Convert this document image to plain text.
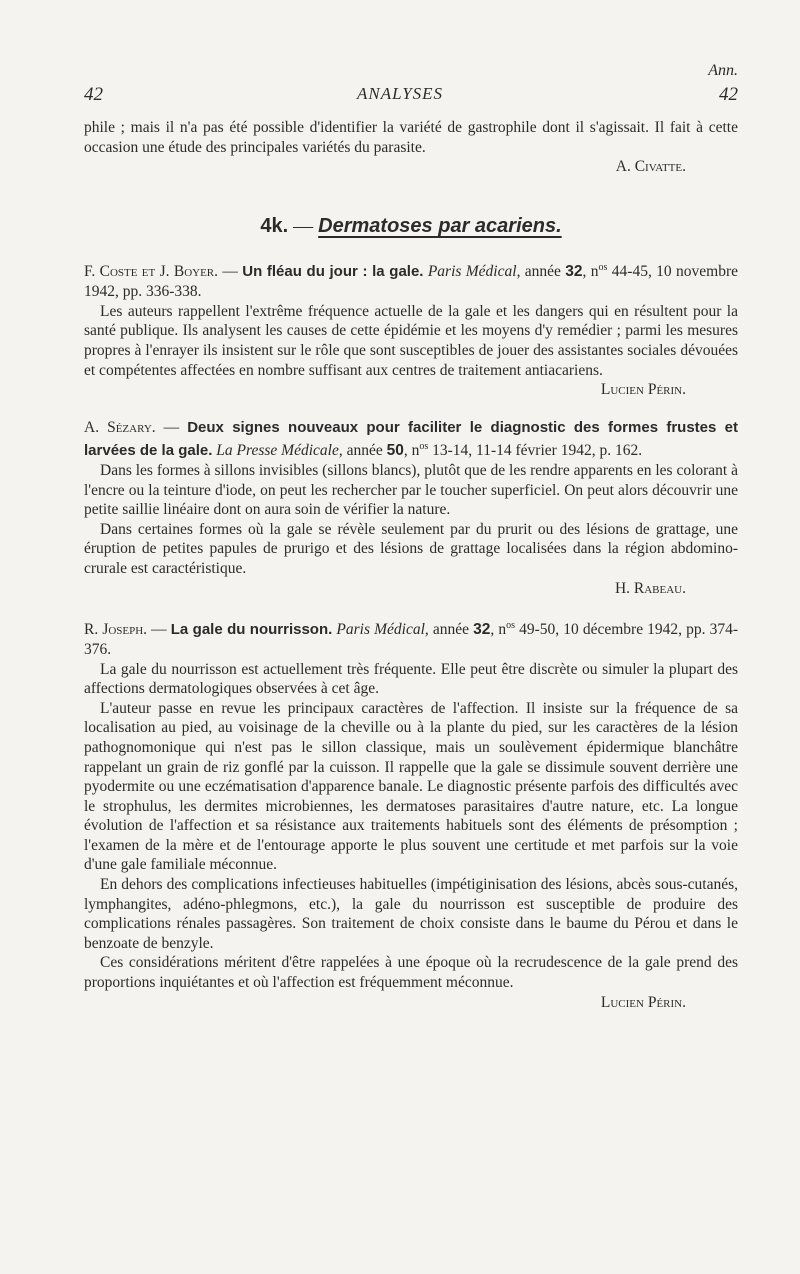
Ann.
42	ANALYSES	42

phile ; mais il n'a pas été possible d'identifier la variété de gastrophile dont il s'agissait. Il fait à cette occasion une étude des principales variétés du parasite.

A. Civatte.

4k. — Dermatoses par acariens.

F. Coste et J. Boyer. — Un fléau du jour : la gale. Paris Médical, année 32, $n^{os}$ 44-45, 10 novembre 1942, pp. 336-338.

Les auteurs rappellent l'extrême fréquence actuelle de la gale et les dangers qui en résultent pour la santé publique. Ils analysent les causes de cette épidémie et les moyens d'y remédier ; parmi les mesures propres à l'enrayer ils insistent sur le rôle que sont susceptibles de jouer des assistantes sociales dévouées et compétentes affectées en nombre suffisant aux centres de traitement antiacariens.

Lucien Périn.

A. Sézary. — Deux signes nouveaux pour faciliter le diagnostic des formes frustes et larvées de la gale. La Presse Médicale, année 50, $n^{os}$ 13-14, 11-14 février 1942, p. 162.

Dans les formes à sillons invisibles (sillons blancs), plutôt que de les rendre apparents en les colorant à l'encre ou la teinture d'iode, on peut les rechercher par le toucher superficiel. On peut alors découvrir une petite saillie linéaire dont on aura soin de vérifier la nature.

Dans certaines formes où la gale se révèle seulement par du prurit ou des lésions de grattage, une éruption de petites papules de prurigo et des lésions de grattage localisées dans la région abdomino-crurale est caractéristique.

H. Rabeau.

R. Joseph. — La gale du nourrisson. Paris Médical, année 32, $n^{os}$ 49-50, 10 décembre 1942, pp. 374-376.

La gale du nourrisson est actuellement très fréquente. Elle peut être discrète ou simuler la plupart des affections dermatologiques observées à cet âge.

L'auteur passe en revue les principaux caractères de l'affection. Il insiste sur la fréquence de sa localisation au pied, au voisinage de la cheville ou à la plante du pied, sur les caractères de la lésion pathognomonique qui n'est pas le sillon classique, mais un soulèvement épidermique blanchâtre rappelant un grain de riz gonflé par la cuisson. Il rappelle que la gale se dissimule souvent derrière une pyodermite ou une eczématisation d'apparence banale. Le diagnostic présente parfois des difficultés avec le strophulus, les dermites microbiennes, les dermatoses parasitaires d'autre nature, etc. La longue évolution de l'affection et sa résistance aux traitements habituels sont des éléments de présomption ; l'examen de la mère et de l'entourage apporte le plus souvent une certitude et met parfois sur la voie d'une gale familiale méconnue.

En dehors des complications infectieuses habituelles (impétiginisation des lésions, abcès sous-cutanés, lymphangites, adéno-phlegmons, etc.), la gale du nourrisson est susceptible de produire des complications rénales passagères. Son traitement de choix consiste dans le baume du Pérou et dans le benzoate de benzyle.

Ces considérations méritent d'être rappelées à une époque où la recrudescence de la gale prend des proportions inquiétantes et où l'affection est fréquemment méconnue.

Lucien Périn.
